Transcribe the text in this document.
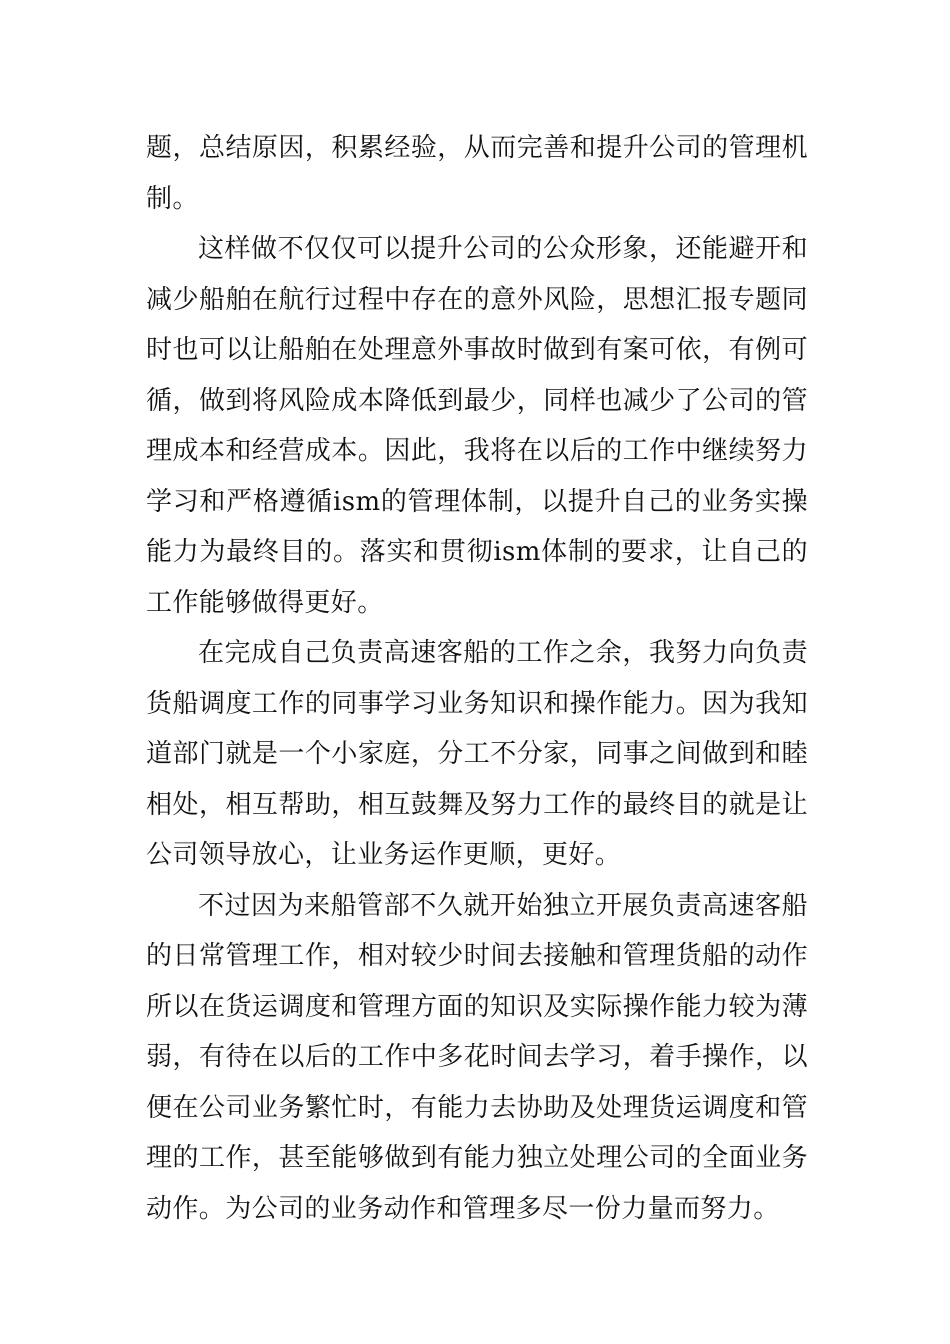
题，总结原因，积累经验，从而完善和提升公司的管理机制。

这样做不仅仅可以提升公司的公众形象，还能避开和减少船舶在航行过程中存在的意外风险，思想汇报专题同时也可以让船舶在处理意外事故时做到有案可依，有例可循，做到将风险成本降低到最少，同样也减少了公司的管理成本和经营成本。因此，我将在以后的工作中继续努力学习和严格遵循ism的管理体制，以提升自己的业务实操能力为最终目的。落实和贯彻ism体制的要求，让自己的工作能够做得更好。

在完成自己负责高速客船的工作之余，我努力向负责货船调度工作的同事学习业务知识和操作能力。因为我知道部门就是一个小家庭，分工不分家，同事之间做到和睦相处，相互帮助，相互鼓舞及努力工作的最终目的就是让公司领导放心，让业务运作更顺，更好。

不过因为来船管部不久就开始独立开展负责高速客船的日常管理工作，相对较少时间去接触和管理货船的动作所以在货运调度和管理方面的知识及实际操作能力较为薄弱，有待在以后的工作中多花时间去学习，着手操作，以便在公司业务繁忙时，有能力去协助及处理货运调度和管理的工作，甚至能够做到有能力独立处理公司的全面业务动作。为公司的业务动作和管理多尽一份力量而努力。
